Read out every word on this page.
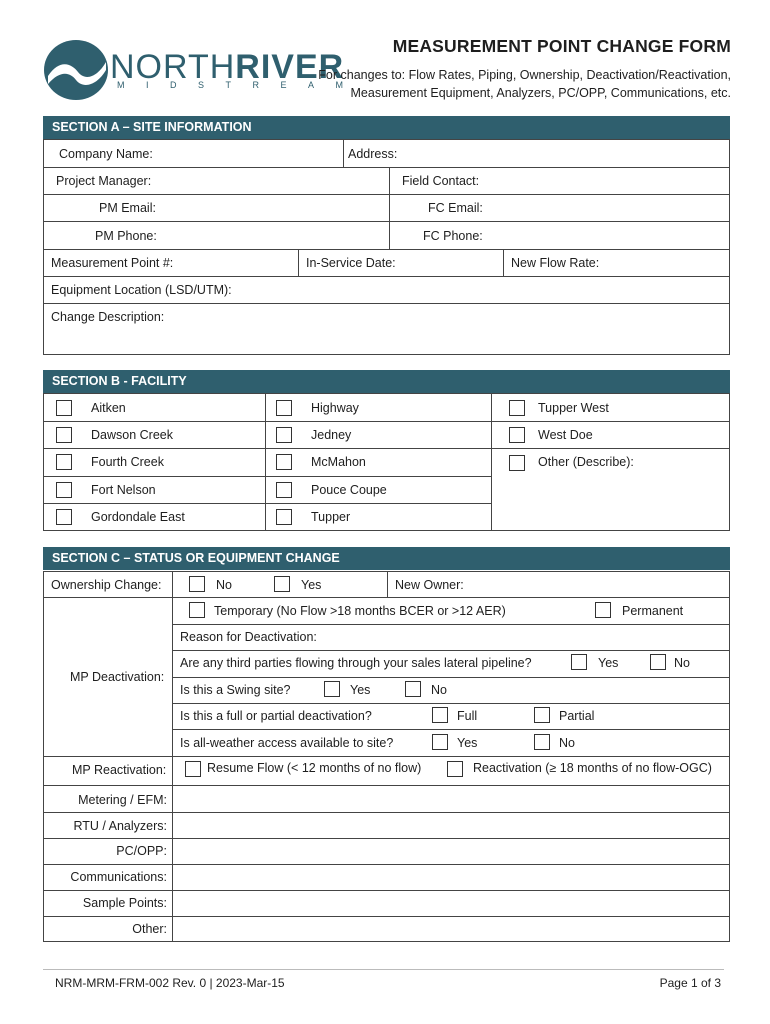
NORTHRIVER
MIDSTREAM
MEASUREMENT POINT CHANGE FORM
For changes to: Flow Rates, Piping, Ownership, Deactivation/Reactivation,
Measurement Equipment, Analyzers, PC/OPP, Communications, etc.
SECTION A – SITE INFORMATION
Company Name:	Address:
Project Manager:	Field Contact:
PM Email:	FC Email:
PM Phone:	FC Phone:
Measurement Point #:	In-Service Date:	New Flow Rate:
Equipment Location (LSD/UTM):
Change Description:
SECTION B - FACILITY
Aitken
Dawson Creek
Fourth Creek
Fort Nelson
Gordondale East
Highway
Jedney
McMahon
Pouce Coupe
Tupper
Tupper West
West Doe
Other (Describe):
SECTION C – STATUS OR EQUIPMENT CHANGE
Ownership Change:	No	Yes	New Owner:
MP Deactivation:
Temporary (No Flow >18 months BCER or >12 AER)	Permanent
Reason for Deactivation:
Are any third parties flowing through your sales lateral pipeline?	Yes	No
Is this a Swing site?	Yes	No
Is this a full or partial deactivation?	Full	Partial
Is all-weather access available to site?	Yes	No
MP Reactivation:	Resume Flow (< 12 months of no flow)	Reactivation (≥ 18 months of no flow-OGC)
Metering / EFM:
RTU / Analyzers:
PC/OPP:
Communications:
Sample Points:
Other:
NRM-MRM-FRM-002 Rev. 0 | 2023-Mar-15	Page 1 of 3
